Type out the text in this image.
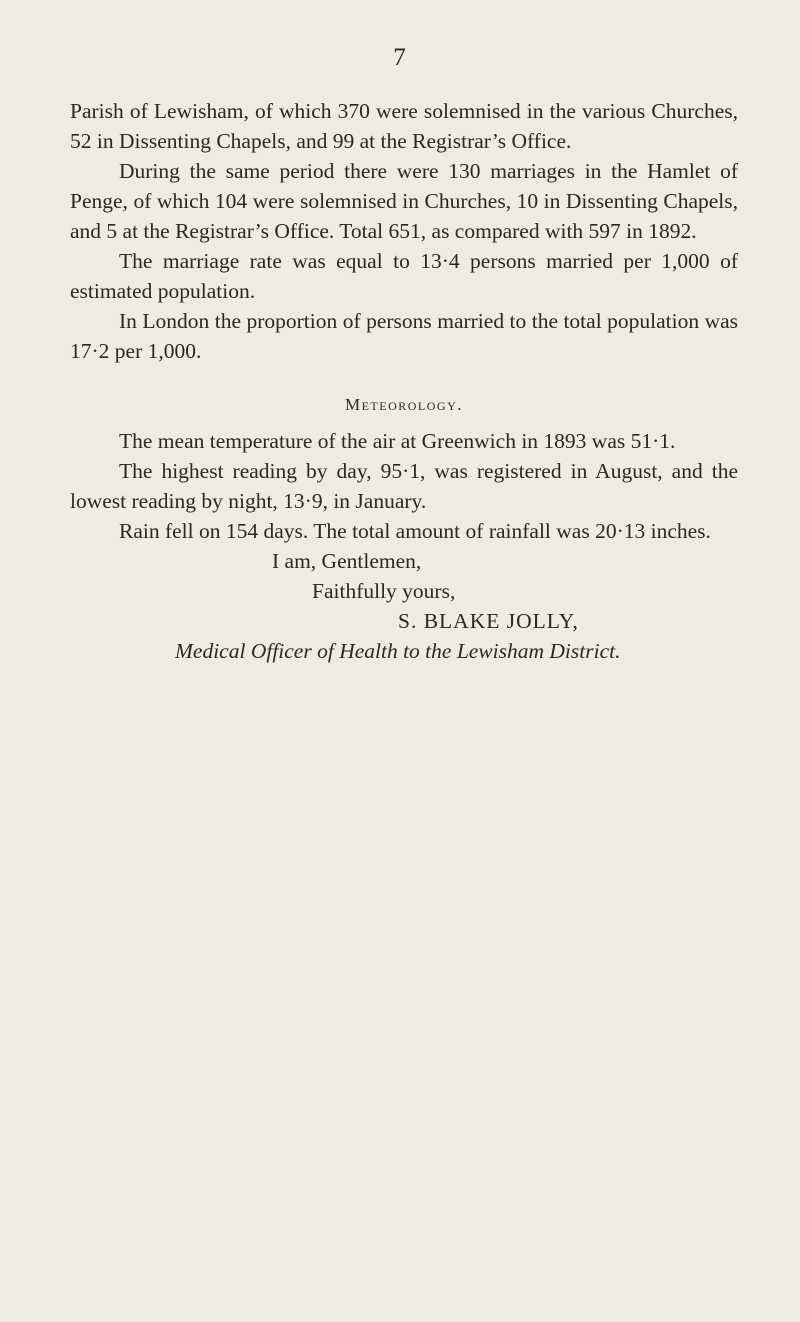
7

Parish of Lewisham, of which 370 were solemnised in the various Churches, 52 in Dissenting Chapels, and 99 at the Registrar’s Office.

During the same period there were 130 marriages in the Hamlet of Penge, of which 104 were solemnised in Churches, 10 in Dissenting Chapels, and 5 at the Registrar’s Office. Total 651, as compared with 597 in 1892.

The marriage rate was equal to 13·4 persons married per 1,000 of estimated population.

In London the proportion of persons married to the total population was 17·2 per 1,000.

Meteorology.

The mean temperature of the air at Greenwich in 1893 was 51·1.

The highest reading by day, 95·1, was registered in August, and the lowest reading by night, 13·9, in January.

Rain fell on 154 days. The total amount of rainfall was 20·13 inches.

I am, Gentlemen,
Faithfully yours,
S. BLAKE JOLLY,
Medical Officer of Health to the Lewisham District.
